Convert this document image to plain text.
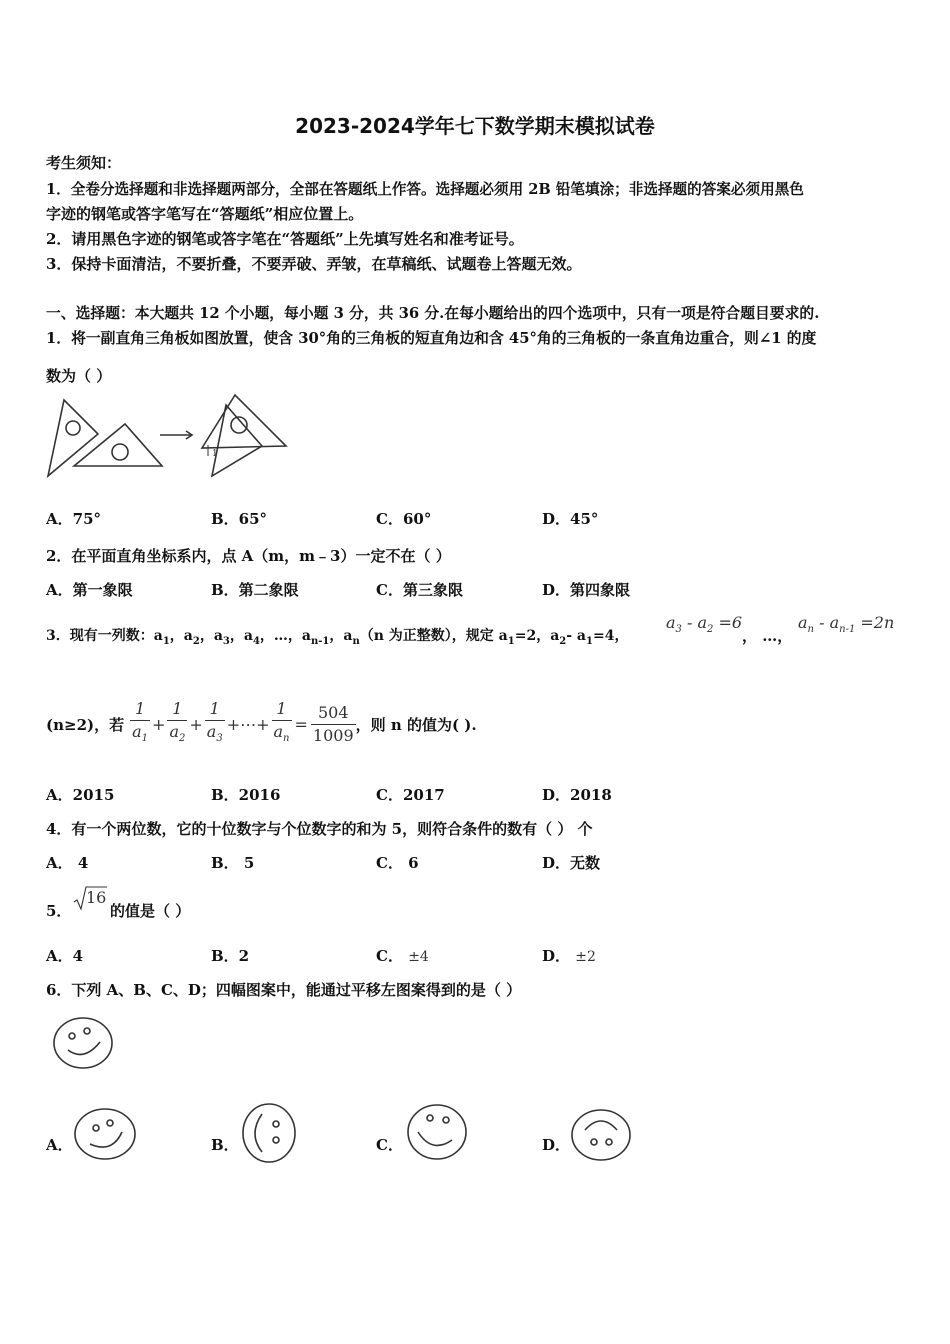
2023-2024学年七下数学期末模拟试卷
考生须知：
1．全卷分选择题和非选择题两部分，全部在答题纸上作答。选择题必须用 2B 铅笔填涂；非选择题的答案必须用黑色
字迹的钢笔或答字笔写在“答题纸”相应位置上。
2．请用黑色字迹的钢笔或答字笔在“答题纸”上先填写姓名和准考证号。
3．保持卡面清洁，不要折叠，不要弄破、弄皱，在草稿纸、试题卷上答题无效。
一、选择题：本大题共 12 个小题，每小题 3 分，共 36 分.在每小题给出的四个选项中，只有一项是符合题目要求的.
1．将一副直角三角板如图放置，使含 30°角的三角板的短直角边和含 45°角的三角板的一条直角边重合，则∠1 的度
数为（ ）
1
A．75°	B．65°	C．60°	D．45°
2．在平面直角坐标系内，点 A（m，m﹣3）一定不在（ ）
A．第一象限	B．第二象限	C．第三象限	D．第四象限
3．现有一列数：$a_1$，$a_2$，$a_3$，$a_4$，…，$a_{n-1}$，$a_n(n$ 为正整数），规定 $a_1=2$，$a_2-$ $a_1=4$，
$a_3 - a_2 =6$
， …，
$a_n - a_{n-1} =2n$
(n≥2)，若 $\frac{1}{a_1} + \frac{1}{a_2} + \frac{1}{a_3}$ +⋯+ $\frac{1}{a_n} = \frac{504}{1009}$ ，则 n 的值为( ).
A．2015	B．2016	C．2017	D．2018
4．有一个两位数，它的十位数字与个位数字的和为 5，则符合条件的数有（ ） 个
A． 4	B． 5	C． 6	D．无数
5．
16
的值是（ ）
A．4	B．2	C． ±4	D． ±2
6．下列 A、B、C、D；四幅图案中，能通过平移左图案得到的是（ ）
A．	B．	C．	D．
